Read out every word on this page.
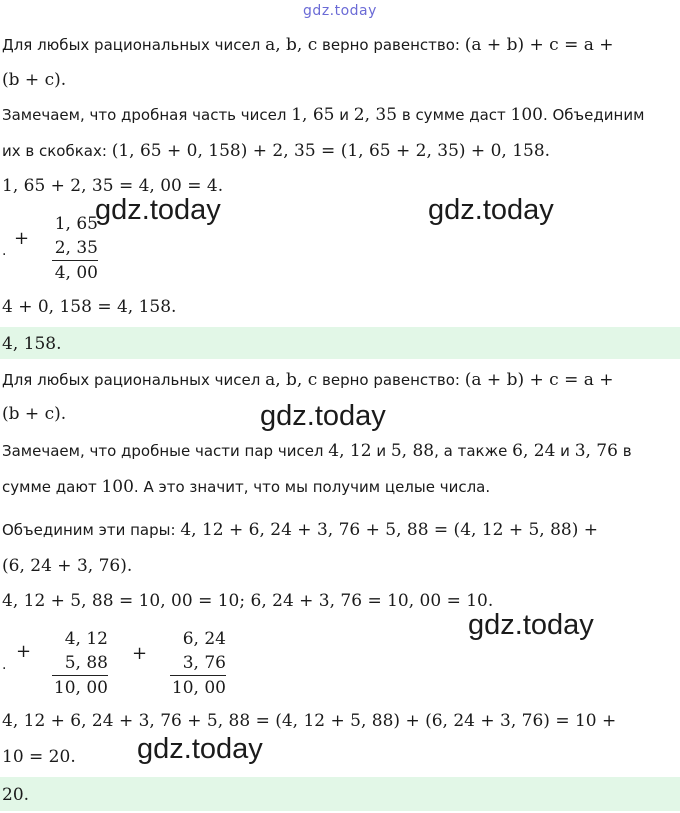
gdz.today
Для любых рациональных чисел a, b, c верно равенство: (a + b) + c = a +
(b + c).
Замечаем, что дробная часть чисел 1, 65 и 2, 35 в сумме даст 100. Объединим
их в скобках: (1, 65 + 0, 158) + 2, 35 = (1, 65 + 2, 35) + 0, 158.
1, 65 + 2, 35 = 4, 00 = 4.
.
+
1, 65
2, 35
4, 00
4 + 0, 158 = 4, 158.
4, 158.
Для любых рациональных чисел a, b, c верно равенство: (a + b) + c = a +
(b + c).
Замечаем, что дробные части пар чисел 4, 12 и 5, 88, а также 6, 24 и 3, 76 в
сумме дают 100. А это значит, что мы получим целые числа.
Объединим эти пары: 4, 12 + 6, 24 + 3, 76 + 5, 88 = (4, 12 + 5, 88) +
(6, 24 + 3, 76).
4, 12 + 5, 88 = 10, 00 = 10; 6, 24 + 3, 76 = 10, 00 = 10.
.
+
4, 12
5, 88
10, 00
+
6, 24
3, 76
10, 00
4, 12 + 6, 24 + 3, 76 + 5, 88 = (4, 12 + 5, 88) + (6, 24 + 3, 76) = 10 +
10 = 20.
20.
gdz.today	gdz.today
gdz.today
gdz.today
gdz.today
